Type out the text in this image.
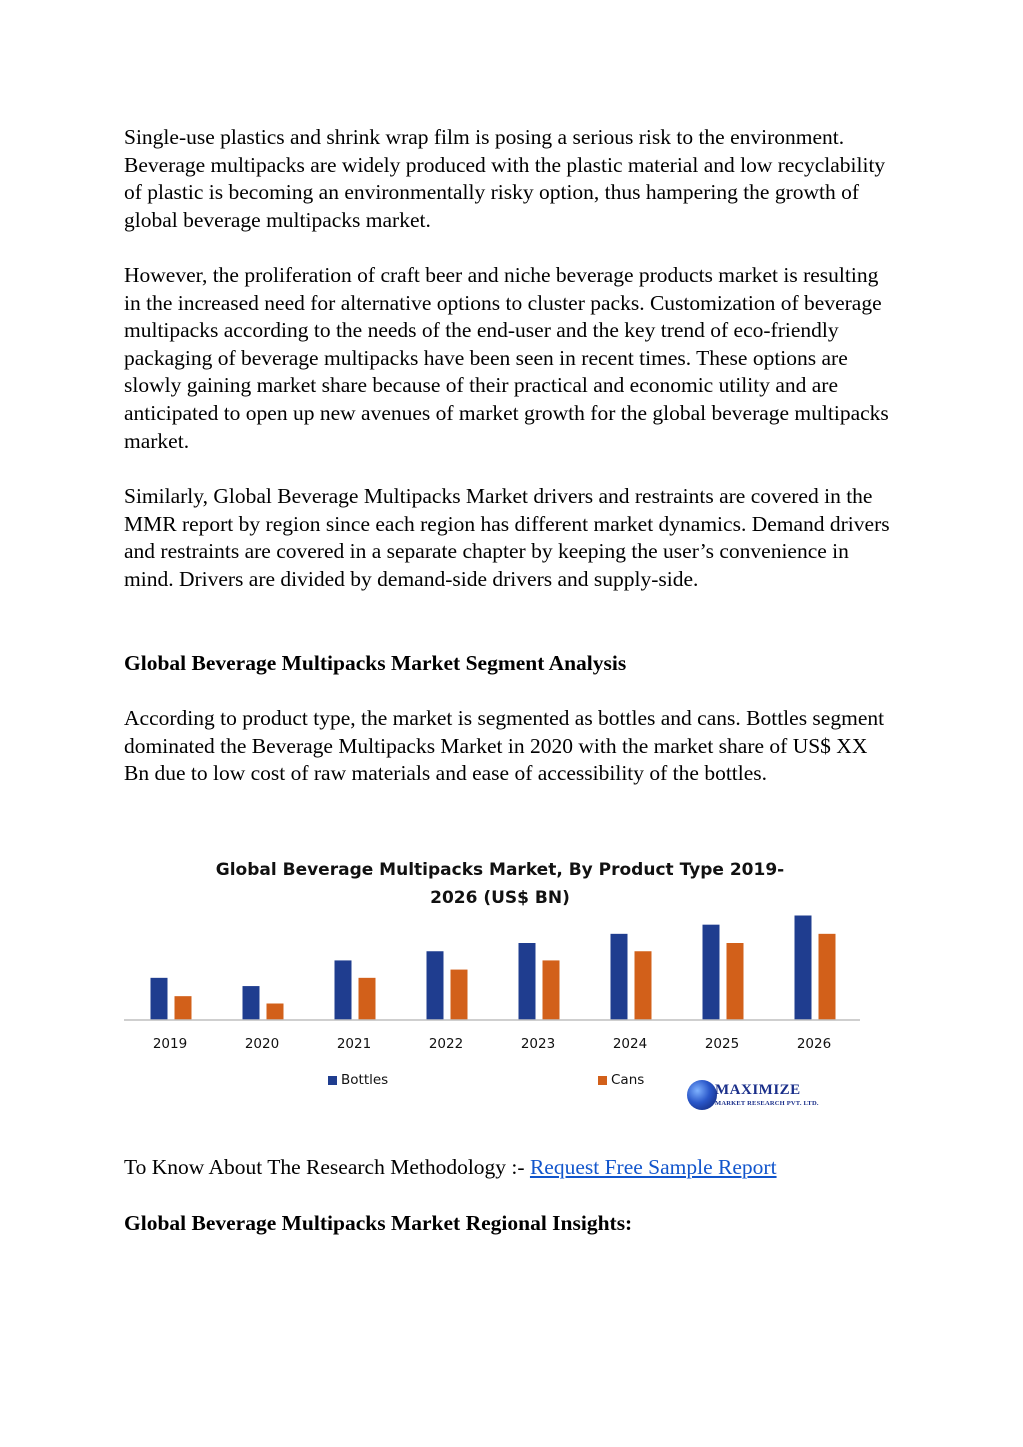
Single-use plastics and shrink wrap film is posing a serious risk to the environment. Beverage multipacks are widely produced with the plastic material and low recyclability of plastic is becoming an environmentally risky option, thus hampering the growth of global beverage multipacks market.

However, the proliferation of craft beer and niche beverage products market is resulting in the increased need for alternative options to cluster packs. Customization of beverage multipacks according to the needs of the end-user and the key trend of eco-friendly packaging of beverage multipacks have been seen in recent times. These options are slowly gaining market share because of their practical and economic utility and are anticipated to open up new avenues of market growth for the global beverage multipacks market.

Similarly, Global Beverage Multipacks Market drivers and restraints are covered in the MMR report by region since each region has different market dynamics. Demand drivers and restraints are covered in a separate chapter by keeping the user’s convenience in mind. Drivers are divided by demand-side drivers and supply-side.

Global Beverage Multipacks Market Segment Analysis

According to product type, the market is segmented as bottles and cans. Bottles segment dominated the Beverage Multipacks Market in 2020 with the market share of US$ XX Bn due to low cost of raw materials and ease of accessibility of the bottles.

To Know About The Research Methodology :- Request Free Sample Report

Global Beverage Multipacks Market Regional Insights:

Global Beverage Multipacks Market, By Product Type 2019-
2026 (US$ BN)
2019	2020	2021	2022	2023	2024	2025	2026
Bottles	Cans
MAXIMIZE
MARKET RESEARCH PVT. LTD.
